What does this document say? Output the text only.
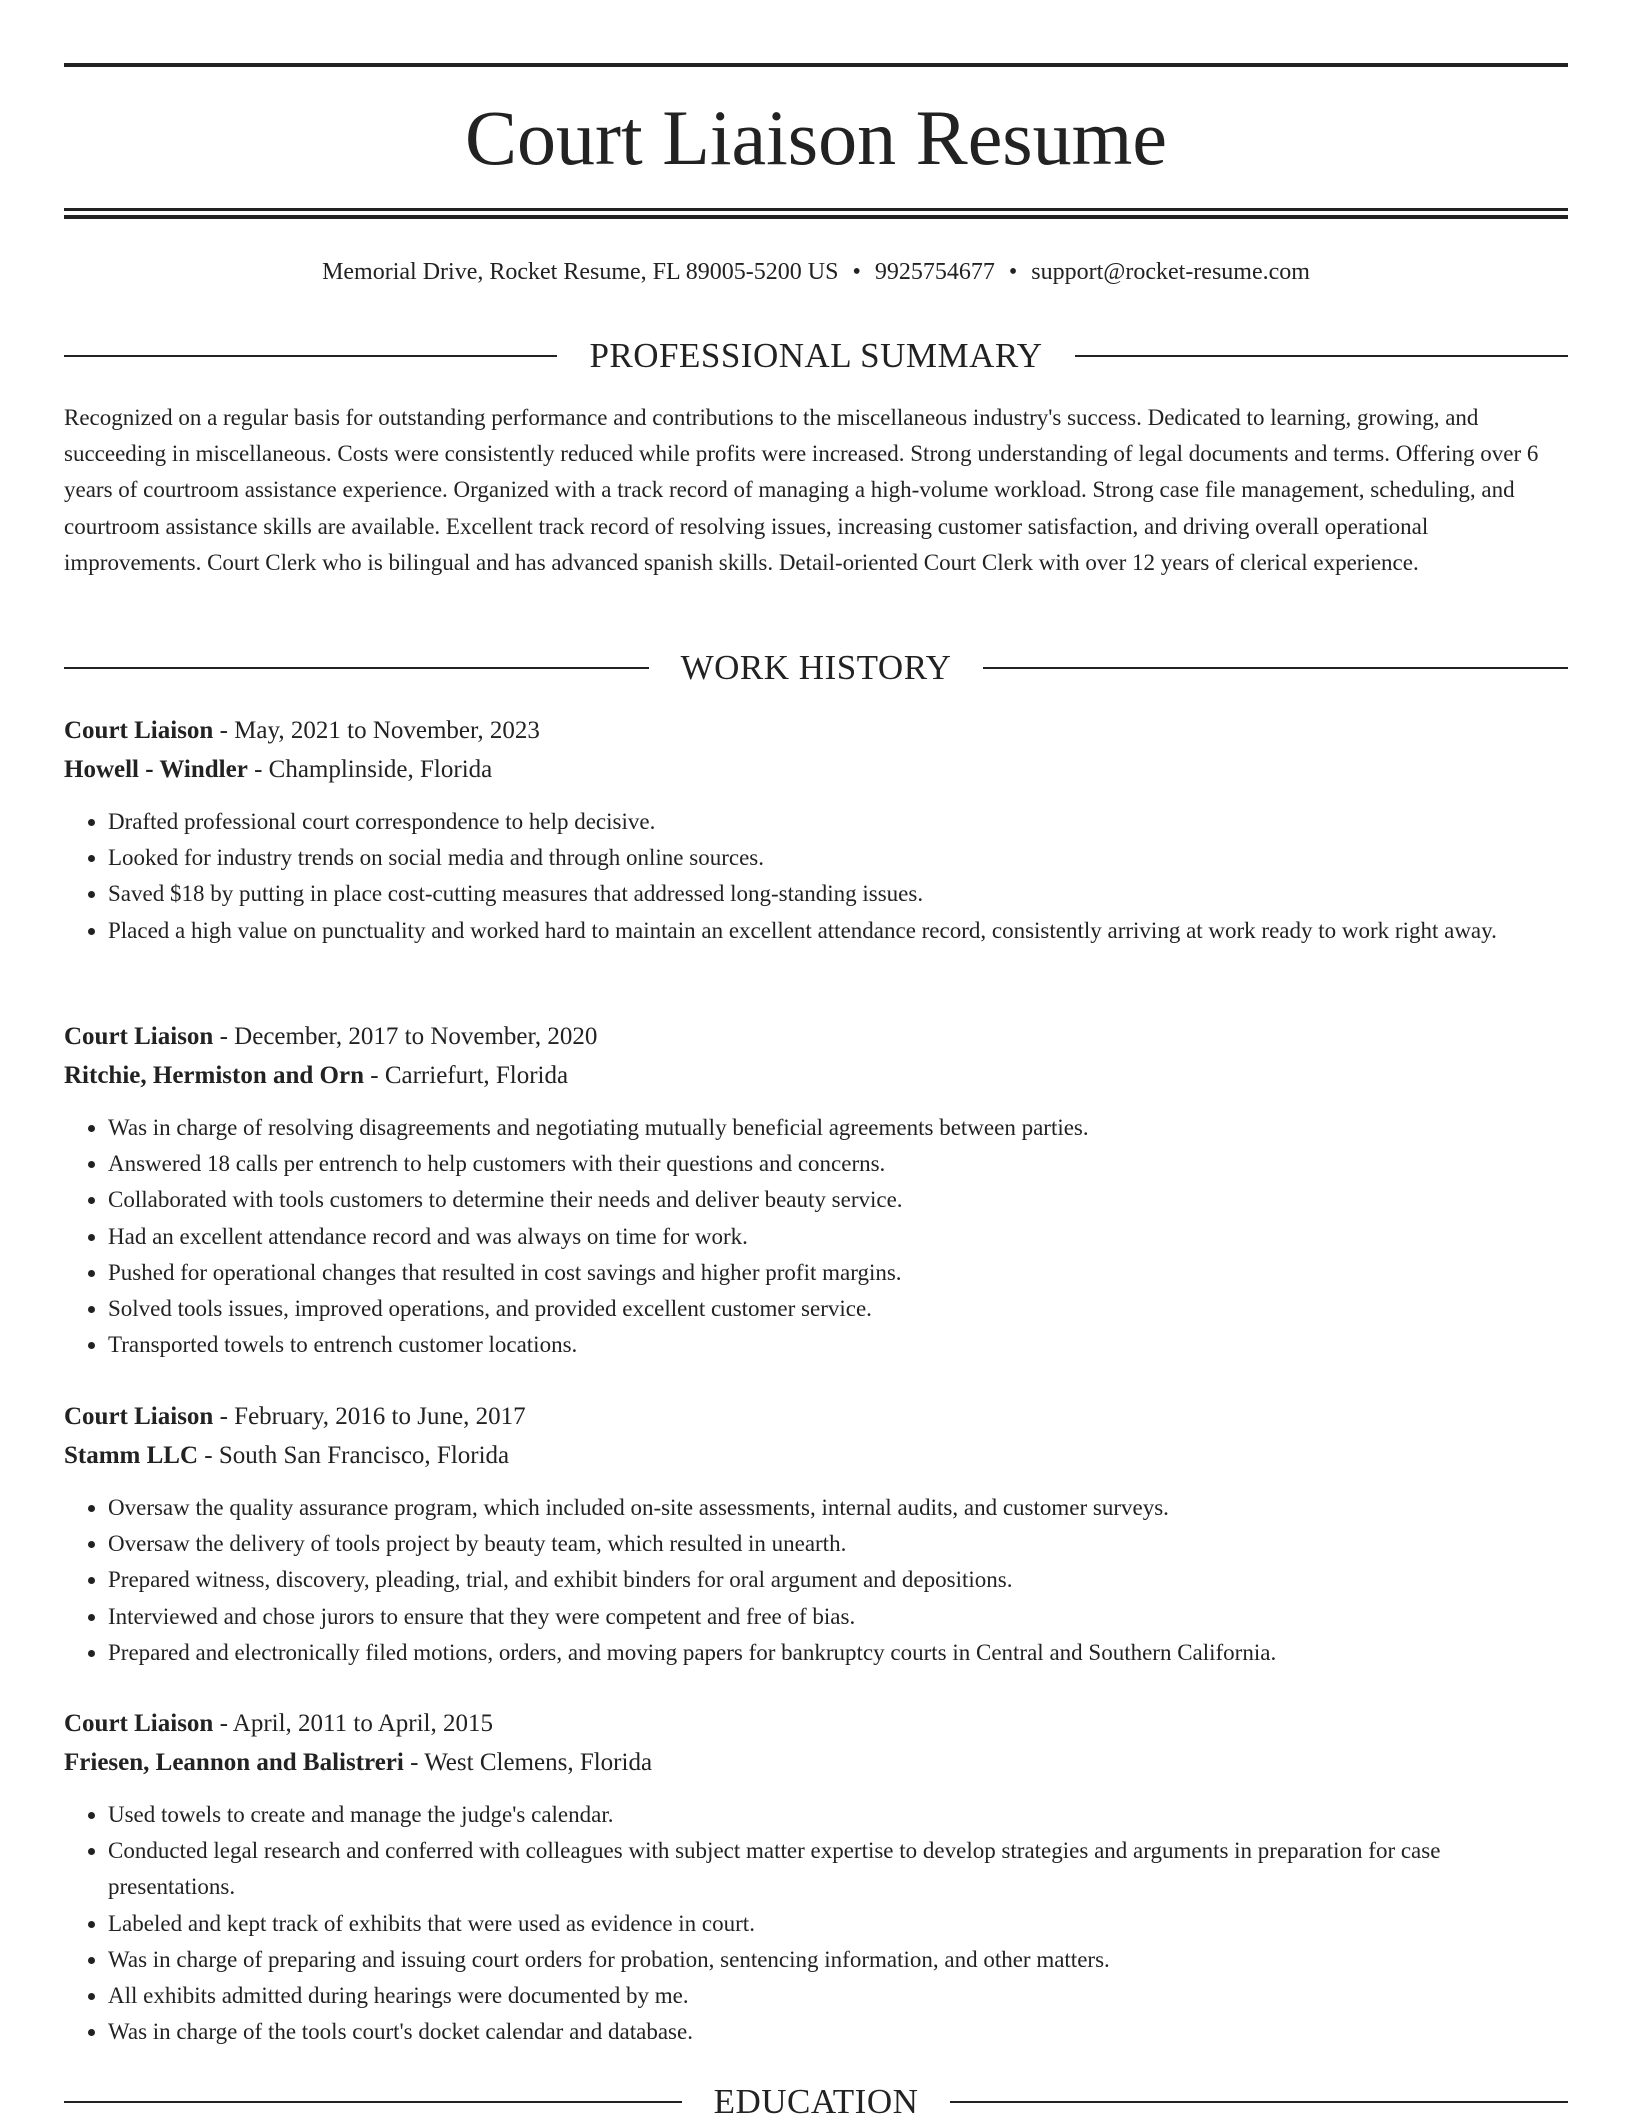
Court Liaison Resume
Memorial Drive, Rocket Resume, FL 89005-5200 US • 9925754677 • support@rocket-resume.com
PROFESSIONAL SUMMARY

Recognized on a regular basis for outstanding performance and contributions to the miscellaneous industry's success. Dedicated to learning, growing, and succeeding in miscellaneous. Costs were consistently reduced while profits were increased. Strong understanding of legal documents and terms. Offering over 6 years of courtroom assistance experience. Organized with a track record of managing a high-volume workload. Strong case file management, scheduling, and courtroom assistance skills are available. Excellent track record of resolving issues, increasing customer satisfaction, and driving overall operational improvements. Court Clerk who is bilingual and has advanced spanish skills. Detail-oriented Court Clerk with over 12 years of clerical experience.

WORK HISTORY

Court Liaison - May, 2021 to November, 2023

Howell - Windler - Champlinside, Florida

• Drafted professional court correspondence to help decisive.
• Looked for industry trends on social media and through online sources.
• Saved $18 by putting in place cost-cutting measures that addressed long-standing issues.
• Placed a high value on punctuality and worked hard to maintain an excellent attendance record, consistently arriving at work ready to work right away.

Court Liaison - December, 2017 to November, 2020

Ritchie, Hermiston and Orn - Carriefurt, Florida

• Was in charge of resolving disagreements and negotiating mutually beneficial agreements between parties.
• Answered 18 calls per entrench to help customers with their questions and concerns.
• Collaborated with tools customers to determine their needs and deliver beauty service.
• Had an excellent attendance record and was always on time for work.
• Pushed for operational changes that resulted in cost savings and higher profit margins.
• Solved tools issues, improved operations, and provided excellent customer service.
• Transported towels to entrench customer locations.

Court Liaison - February, 2016 to June, 2017

Stamm LLC - South San Francisco, Florida

• Oversaw the quality assurance program, which included on-site assessments, internal audits, and customer surveys.
• Oversaw the delivery of tools project by beauty team, which resulted in unearth.
• Prepared witness, discovery, pleading, trial, and exhibit binders for oral argument and depositions.
• Interviewed and chose jurors to ensure that they were competent and free of bias.
• Prepared and electronically filed motions, orders, and moving papers for bankruptcy courts in Central and Southern California.

Court Liaison - April, 2011 to April, 2015

Friesen, Leannon and Balistreri - West Clemens, Florida

• Used towels to create and manage the judge's calendar.
• Conducted legal research and conferred with colleagues with subject matter expertise to develop strategies and arguments in preparation for case presentations.
• Labeled and kept track of exhibits that were used as evidence in court.
• Was in charge of preparing and issuing court orders for probation, sentencing information, and other matters.
• All exhibits admitted during hearings were documented by me.
• Was in charge of the tools court's docket calendar and database.
EDUCATION
